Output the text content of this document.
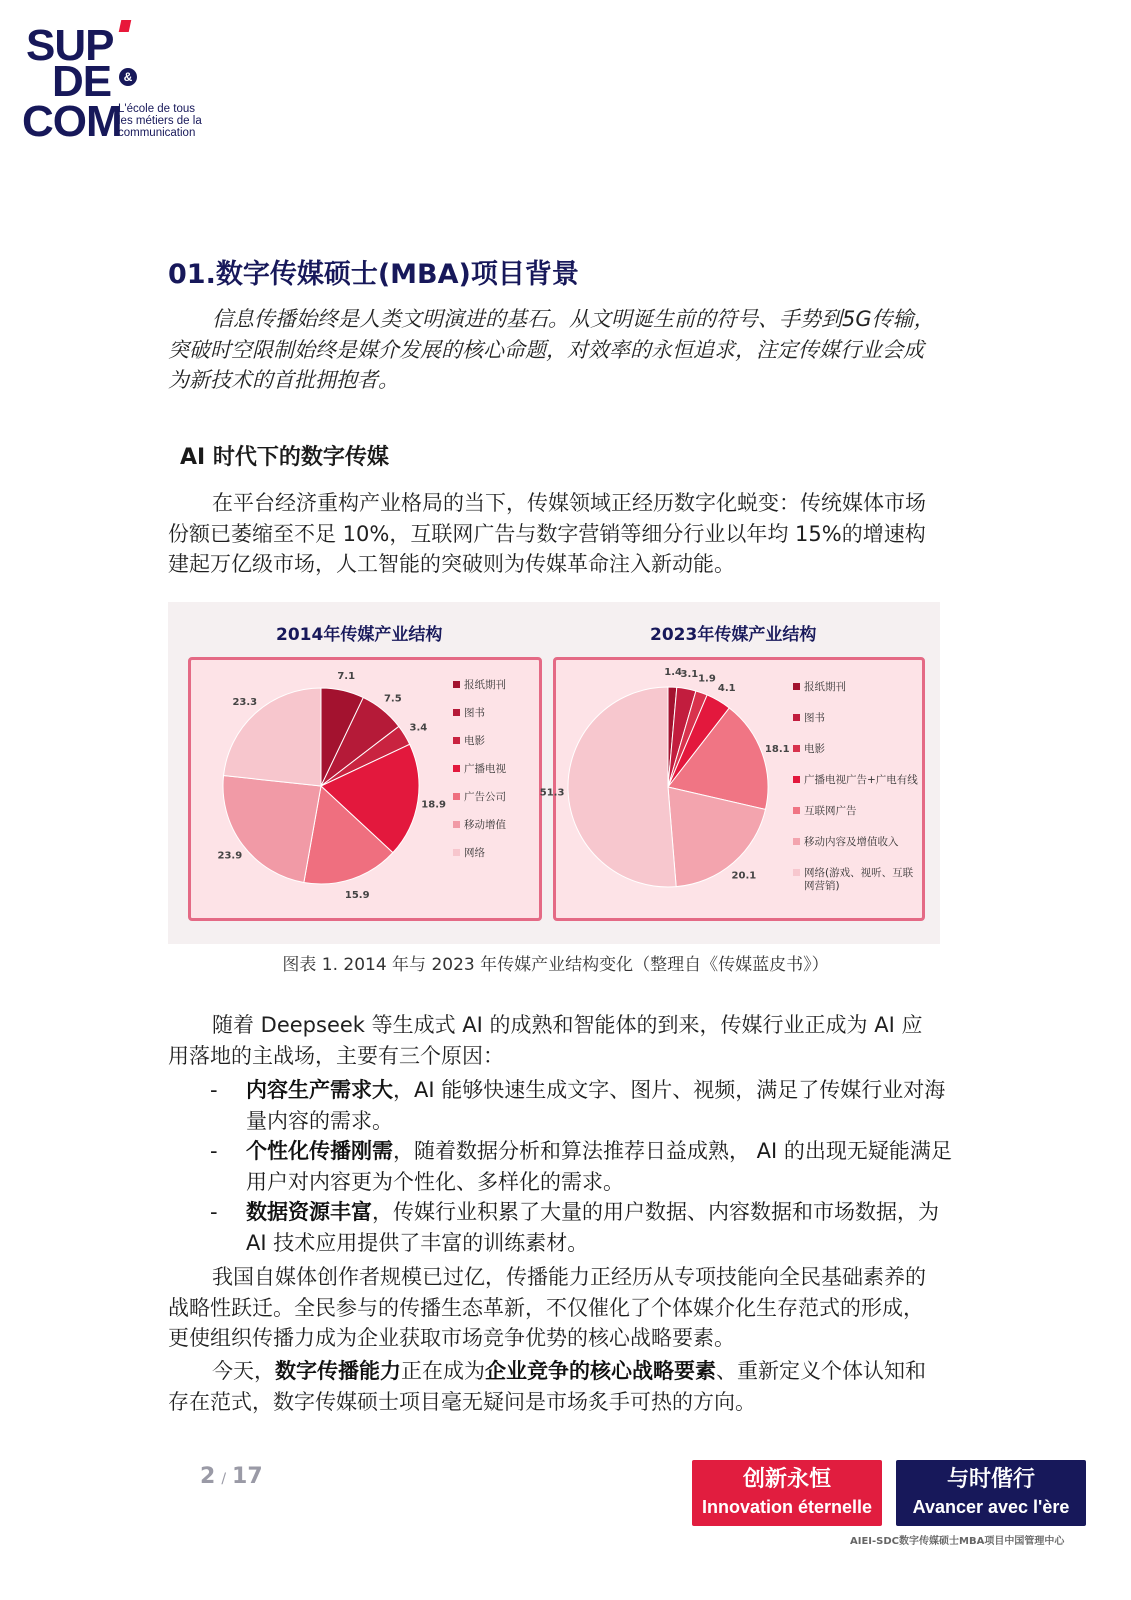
SUP
DE	&
COM
L'école de tous
les métiers de la
communication
01.数字传媒硕士(MBA)项目背景
信息传播始终是人类文明演进的基石。从文明诞生前的符号、手势到5G传输，突破时空限制始终是媒介发展的核心命题，对效率的永恒追求，注定传媒行业会成为新技术的首批拥抱者。
AI 时代下的数字传媒
在平台经济重构产业格局的当下，传媒领域正经历数字化蜕变：传统媒体市场份额已萎缩至不足 10%，互联网广告与数字营销等细分行业以年均 15%的增速构建起万亿级市场，人工智能的突破则为传媒革命注入新动能。
2014年传媒产业结构	2023年传媒产业结构
7.1
7.5
3.4
18.9
15.9
23.9
23.3
报纸期刊
图书
电影
广播电视
广告公司
移动增值
网络
1.4
3.1 1.9
4.1
18.1
20.1
51.3
报纸期刊
图书
电影
广播电视广告+广电有线
互联网广告
移动内容及增值收入
网络(游戏、视听、互联网营销)
图表 1. 2014 年与 2023 年传媒产业结构变化（整理自《传媒蓝皮书》）
随着 Deepseek 等生成式 AI 的成熟和智能体的到来，传媒行业正成为 AI 应用落地的主战场，主要有三个原因：
- 内容生产需求大，AI 能够快速生成文字、图片、视频，满足了传媒行业对海量内容的需求。
- 个性化传播刚需，随着数据分析和算法推荐日益成熟， AI 的出现无疑能满足用户对内容更为个性化、多样化的需求。
- 数据资源丰富，传媒行业积累了大量的用户数据、内容数据和市场数据，为 AI 技术应用提供了丰富的训练素材。
我国自媒体创作者规模已过亿，传播能力正经历从专项技能向全民基础素养的战略性跃迁。全民参与的传播生态革新，不仅催化了个体媒介化生存范式的形成，更使组织传播力成为企业获取市场竞争优势的核心战略要素。
今天，数字传播能力正在成为企业竞争的核心战略要素、重新定义个体认知和存在范式，数字传媒硕士项目毫无疑问是市场炙手可热的方向。
2 / 17	创新永恒
Innovation éternelle
与时偕行
Avancer avec l'ère
AIEI-SDC数字传媒硕士MBA项目中国管理中心
